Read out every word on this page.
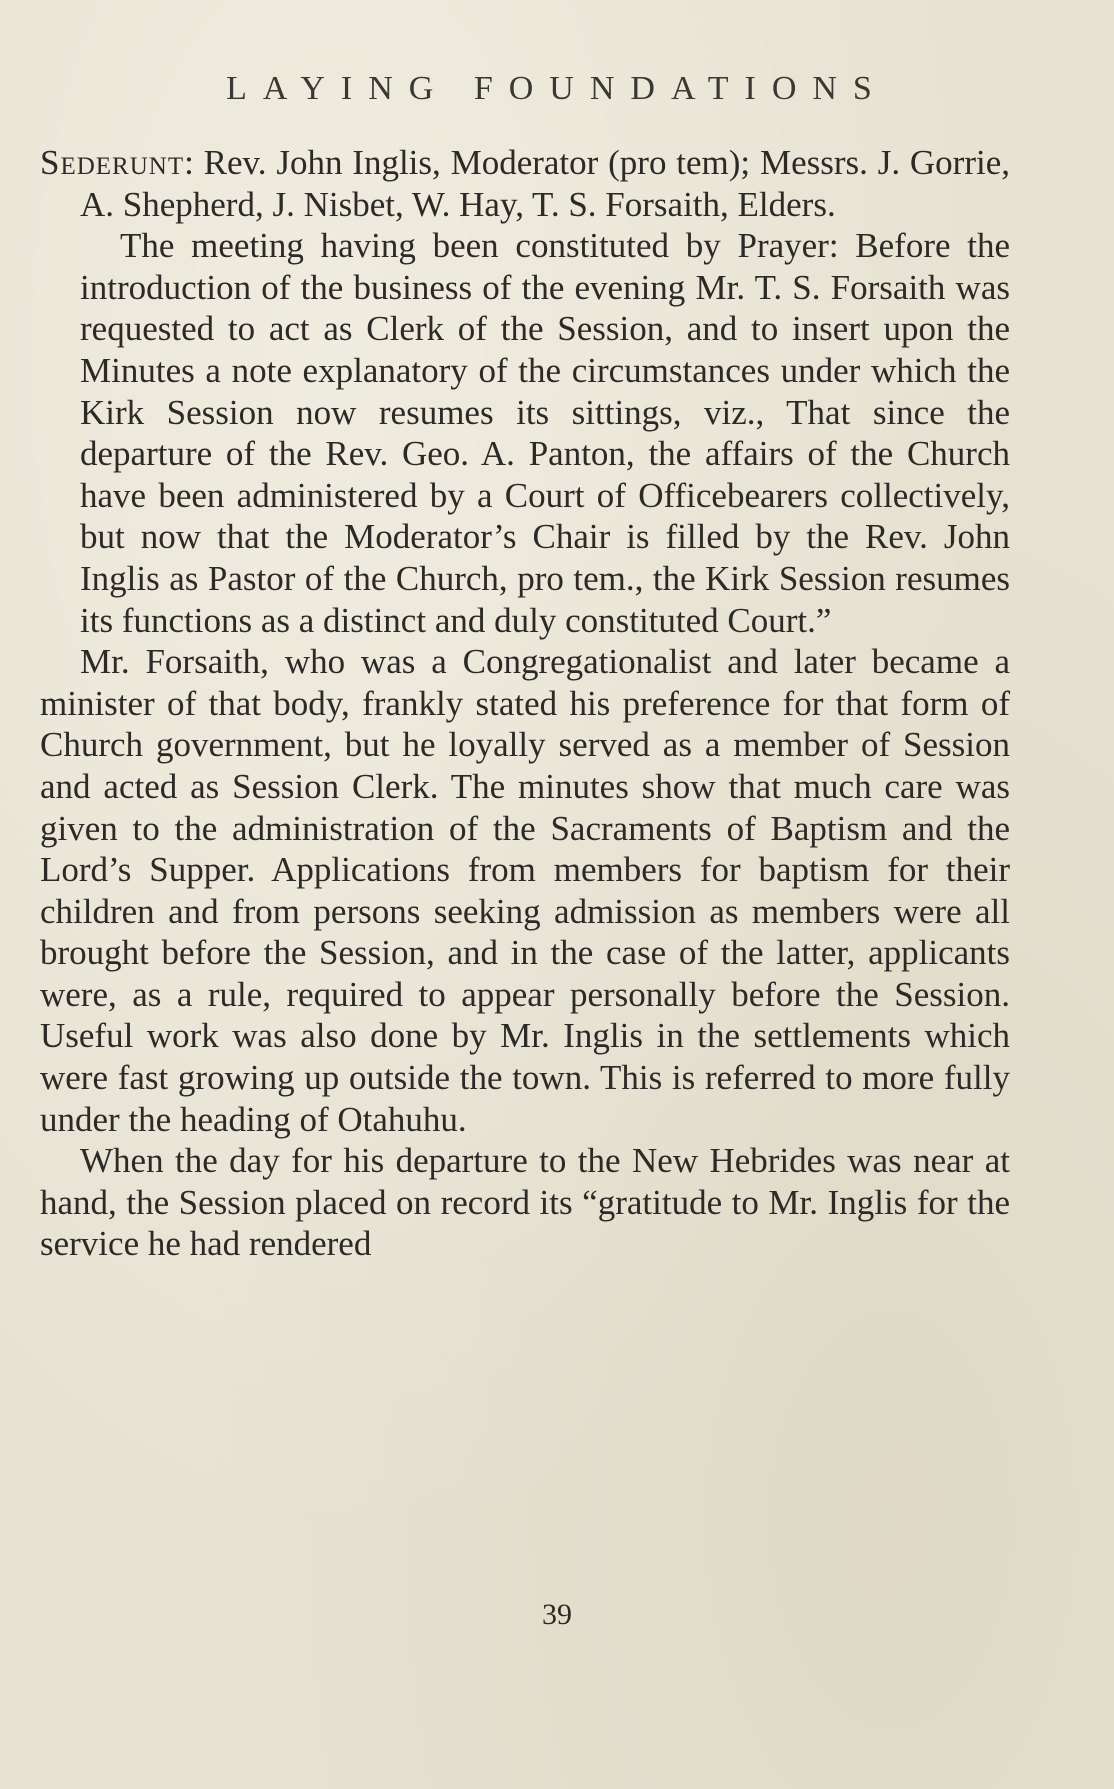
LAYING FOUNDATIONS

Sederunt: Rev. John Inglis, Moderator (pro tem); Messrs. J. Gorrie, A. Shepherd, J. Nisbet, W. Hay, T. S. Forsaith, Elders.

The meeting having been constituted by Prayer: Before the introduction of the business of the evening Mr. T. S. Forsaith was requested to act as Clerk of the Session, and to insert upon the Minutes a note explanatory of the circumstances under which the Kirk Session now resumes its sittings, viz., That since the departure of the Rev. Geo. A. Panton, the affairs of the Church have been administered by a Court of Officebearers collectively, but now that the Moderator’s Chair is filled by the Rev. John Inglis as Pastor of the Church, pro tem., the Kirk Session resumes its functions as a distinct and duly constituted Court.”

Mr. Forsaith, who was a Congregationalist and later became a minister of that body, frankly stated his preference for that form of Church government, but he loyally served as a member of Session and acted as Session Clerk. The minutes show that much care was given to the administration of the Sacraments of Baptism and the Lord’s Supper. Applications from members for baptism for their children and from persons seeking admission as members were all brought before the Session, and in the case of the latter, applicants were, as a rule, required to appear personally before the Session. Useful work was also done by Mr. Inglis in the settlements which were fast growing up outside the town. This is referred to more fully under the heading of Otahuhu.

When the day for his departure to the New Hebrides was near at hand, the Session placed on record its “gratitude to Mr. Inglis for the service he had rendered

39
